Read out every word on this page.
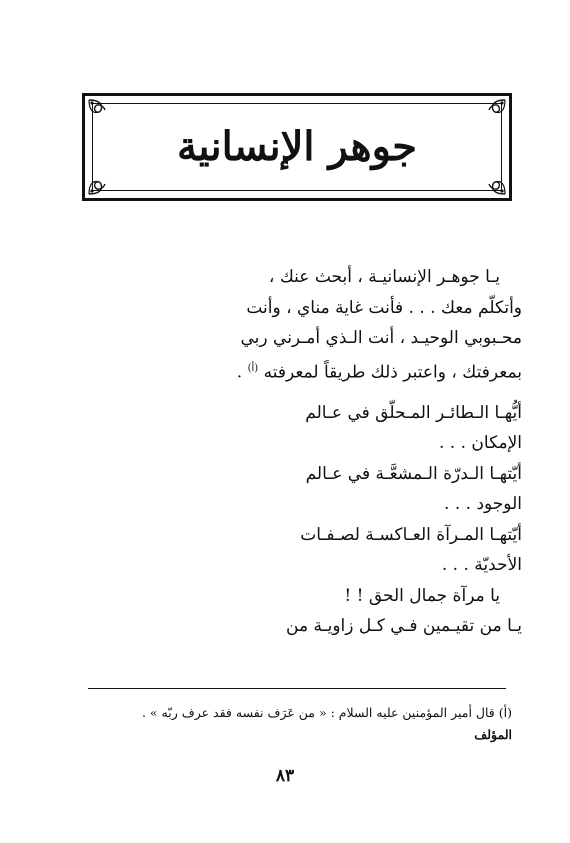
جوهر الإنسانية

يـا جوهـر الإنسانيـة ، أبحث عنك ،

وأتكلّم معك . . . فأنت غاية مناي ، وأنت

محـبوبي الوحيـد ، أنت الـذي أمـرني ربي

بمعرفتك ، واعتبر ذلك طريقاً لمعرفته $^{(أ)}$ .

أيُّهـا الـطائـر المـحلّق في عـالم

الإمكان . . .

أيّتهـا الـدرّة الـمشعَّـة في عـالم

الوجود . . .

أيّتهـا المـرآة العـاكسـة لصـفـات

الأحديّة . . .

يا مرآة جمال الحق ! !

يـا من تقيـمين فـي كـل زاويـة من

(أ) قال أمير المؤمنين عليه السلام : « من عَرَف نفسه فقد عرف ربّه » .

المؤلف

٨٣
